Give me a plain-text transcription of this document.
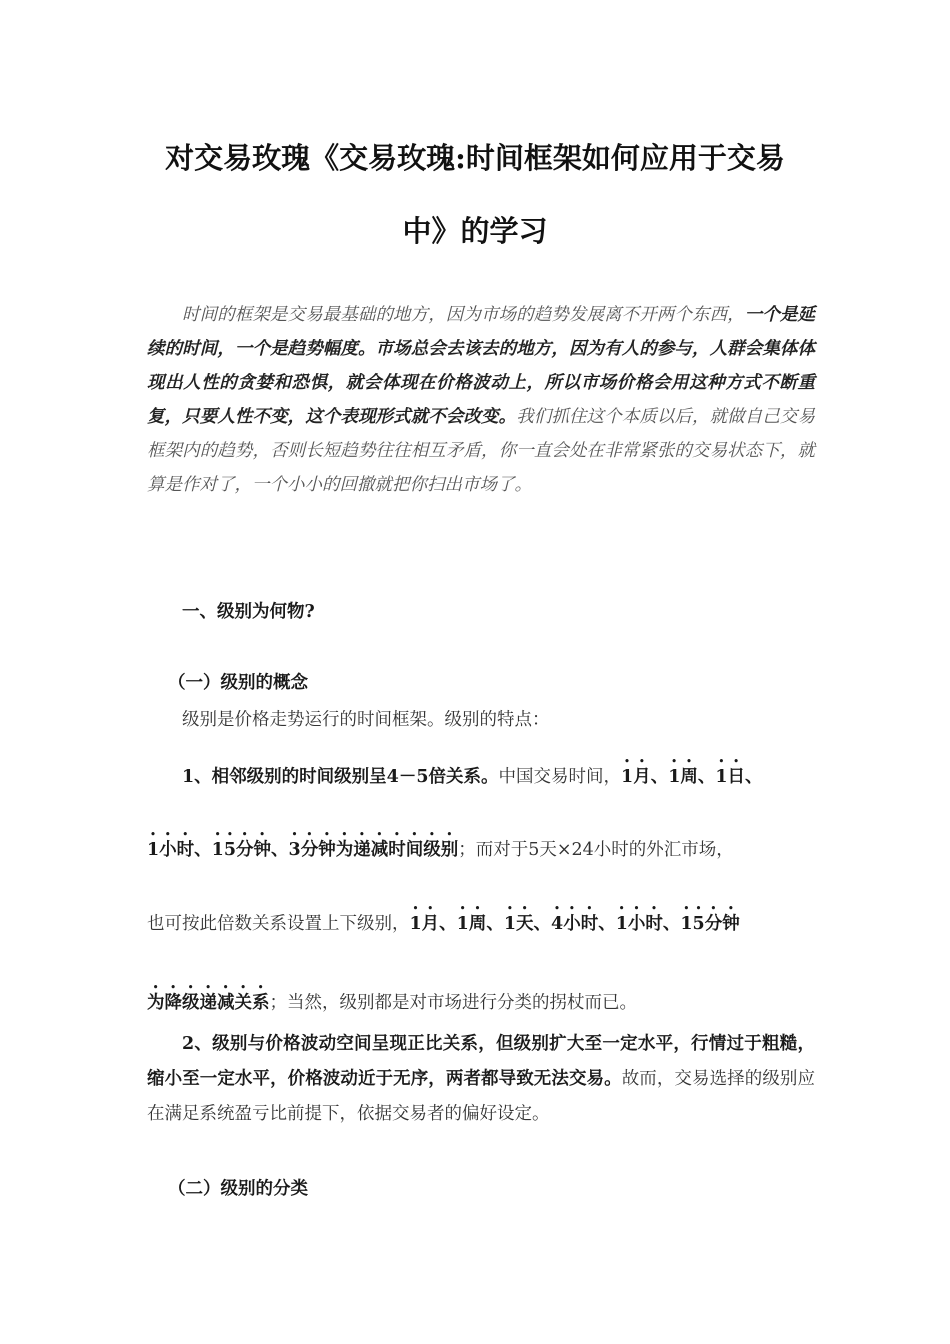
对交易玫瑰《交易玫瑰:时间框架如何应用于交易
中》的学习

时间的框架是交易最基础的地方，因为市场的趋势发展离不开两个东西，一个是延续的时间，一个是趋势幅度。市场总会去该去的地方，因为有人的参与，人群会集体体现出人性的贪婪和恐惧，就会体现在价格波动上，所以市场价格会用这种方式不断重复，只要人性不变，这个表现形式就不会改变。我们抓住这个本质以后，就做自己交易框架内的趋势，否则长短趋势往往相互矛盾，你一直会处在非常紧张的交易状态下，就算是作对了，一个小小的回撤就把你扫出市场了。

一、级别为何物?

（一）级别的概念

级别是价格走势运行的时间框架。级别的特点：

1、相邻级别的时间级别呈4－5倍关系。中国交易时间，1月、1周、1日、

1小时、15分钟、3分钟为递减时间级别；而对于5天×24小时的外汇市场，

也可按此倍数关系设置上下级别，1月、1周、1天、4小时、1小时、15分钟

为降级递减关系；当然，级别都是对市场进行分类的拐杖而已。

2、级别与价格波动空间呈现正比关系，但级别扩大至一定水平，行情过于粗糙，缩小至一定水平，价格波动近于无序，两者都导致无法交易。故而，交易选择的级别应在满足系统盈亏比前提下，依据交易者的偏好设定。

（二）级别的分类
